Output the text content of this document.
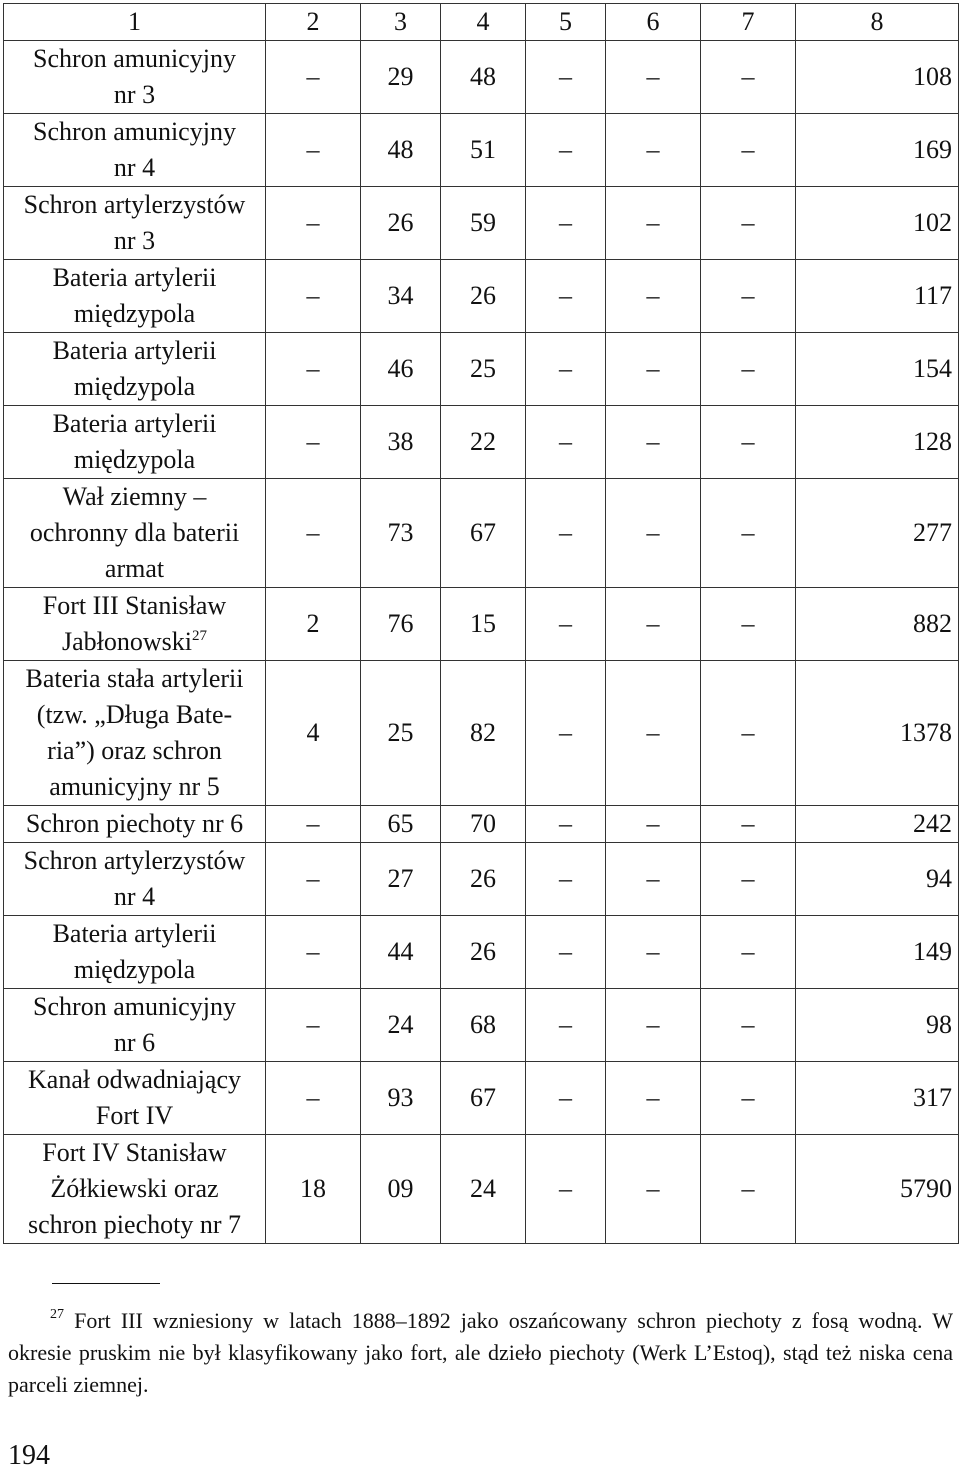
1	2	3	4	5	6	7	8
Schron amunicyjny
nr 3	–	29	48	–	–	–	108
Schron amunicyjny
nr 4	–	48	51	–	–	–	169
Schron artylerzystów
nr 3	–	26	59	–	–	–	102
Bateria artylerii
międzypola	–	34	26	–	–	–	117
Bateria artylerii
międzypola	–	46	25	–	–	–	154
Bateria artylerii
międzypola	–	38	22	–	–	–	128
Wał ziemny –
ochronny dla baterii
armat	–	73	67	–	–	–	277
Fort III Stanisław
Jabłonowski$^{27}$	2	76	15	–	–	–	882
Bateria stała artylerii
(tzw. „Długa Bate-
ria”) oraz schron
amunicyjny nr 5	4	25	82	–	–	–	1378
Schron piechoty nr 6	–	65	70	–	–	–	242
Schron artylerzystów
nr 4	–	27	26	–	–	–	94
Bateria artylerii
międzypola	–	44	26	–	–	–	149
Schron amunicyjny
nr 6	–	24	68	–	–	–	98
Kanał odwadniający
Fort IV	–	93	67	–	–	–	317
Fort IV Stanisław
Żółkiewski oraz
schron piechoty nr 7	18	09	24	–	–	–	5790
$^{27}$ Fort III wzniesiony w latach 1888–1892 jako oszańcowany schron piechoty z fosą wodną. W okresie pruskim nie był klasyfikowany jako fort, ale dzieło piechoty (Werk L’Estoq), stąd też niska cena parceli ziemnej.
194
